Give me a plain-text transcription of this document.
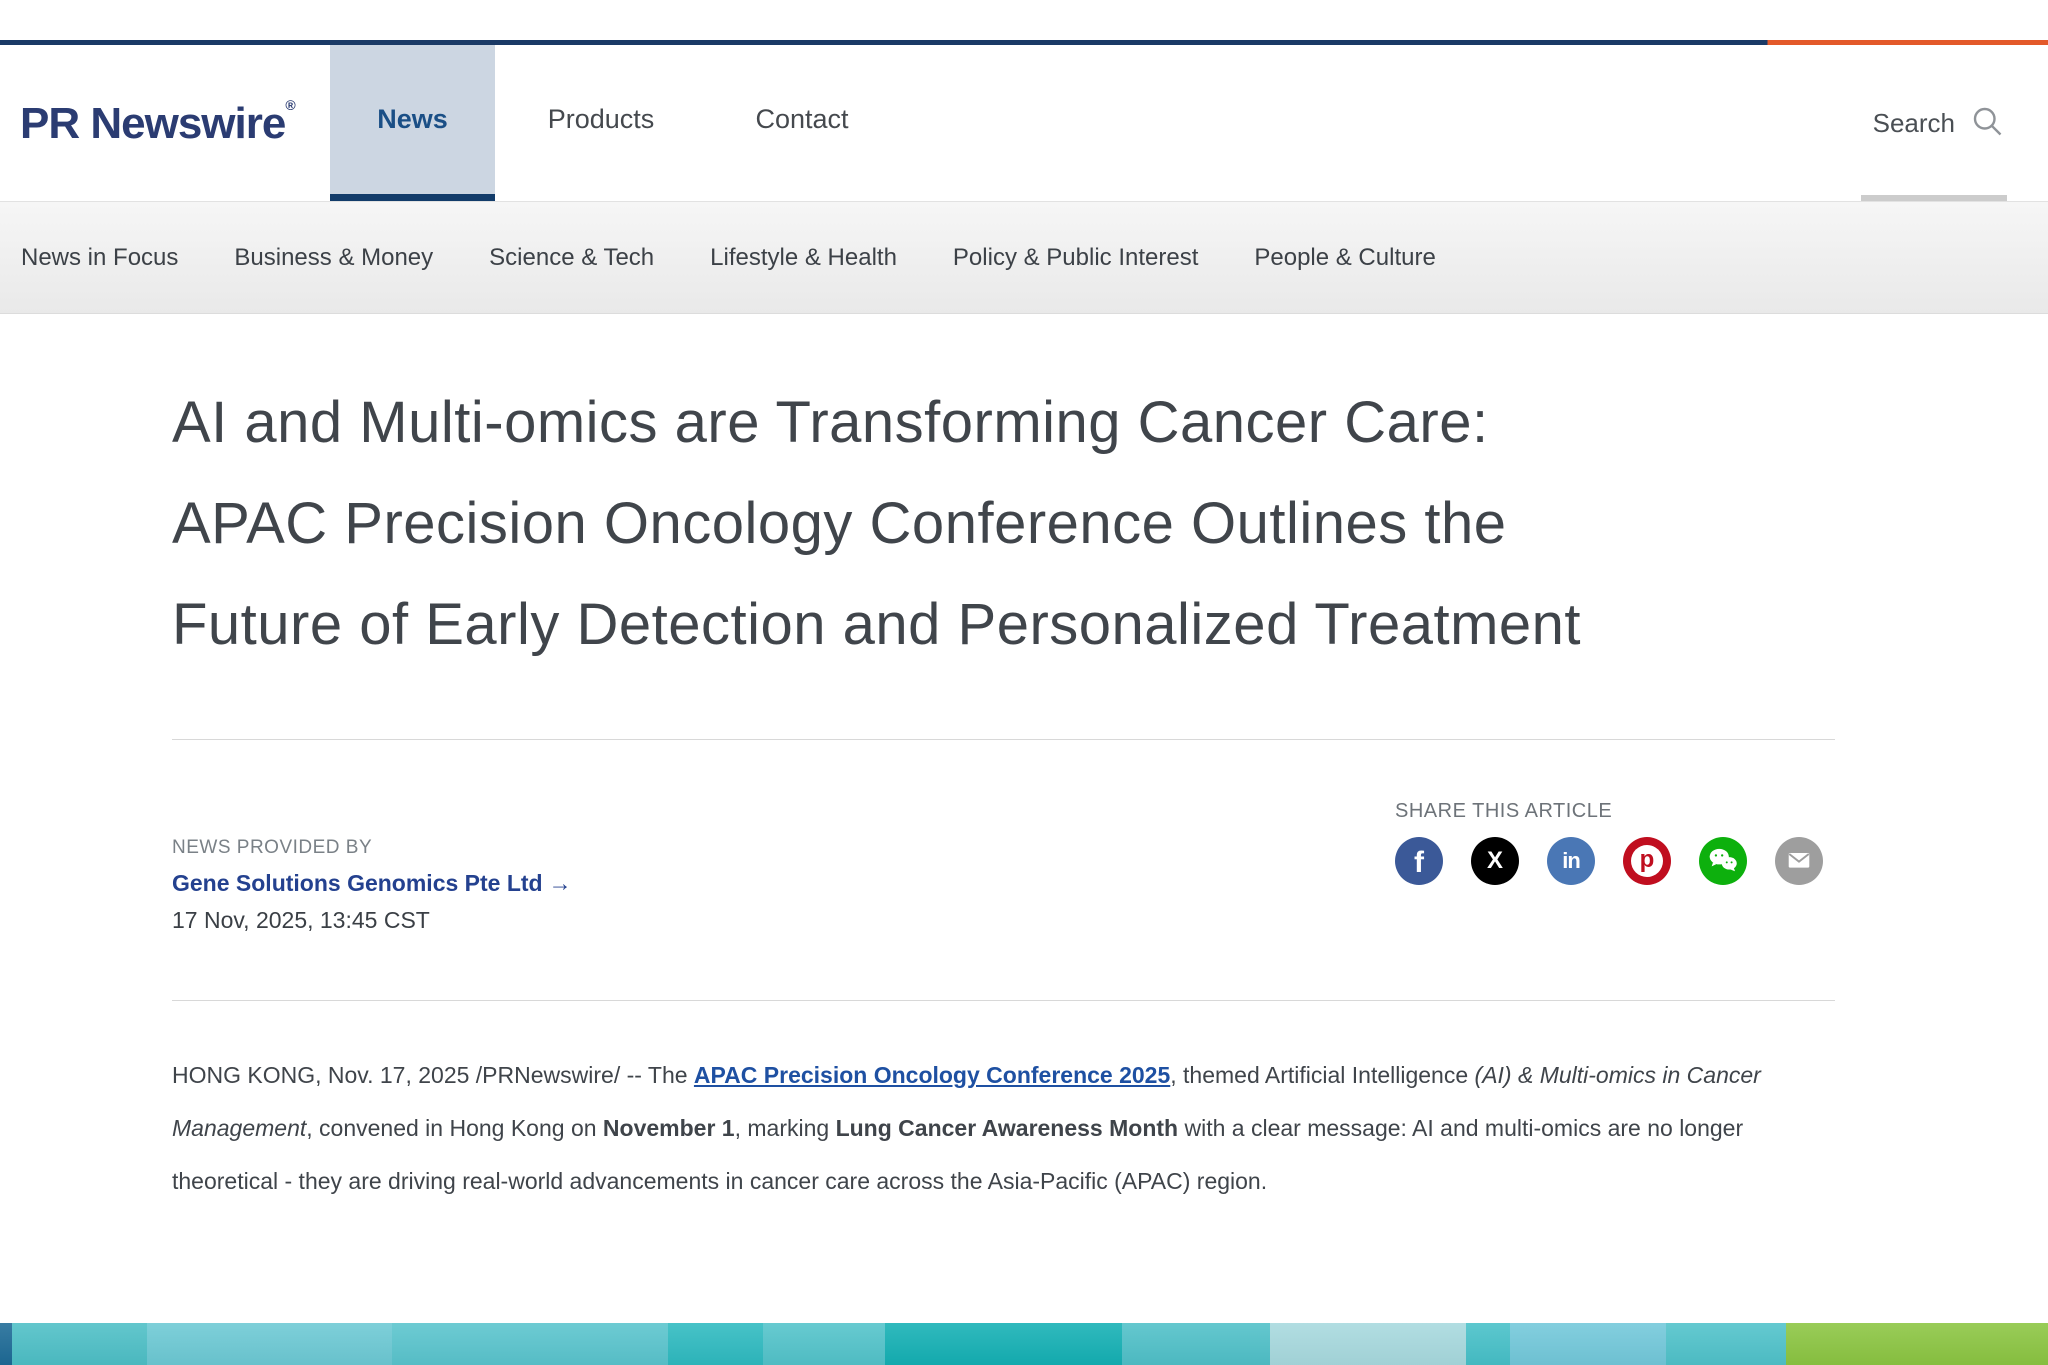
PR Newswire®	News	Products	Contact	Search
News in Focus Business & Money Science & Tech Lifestyle & Health Policy & Public Interest People & Culture
AI and Multi-omics are Transforming Cancer Care:
APAC Precision Oncology Conference Outlines the
Future of Early Detection and Personalized Treatment
NEWS PROVIDED BY
Gene Solutions Genomics Pte Ltd →
17 Nov, 2025, 13:45 CST
SHARE THIS ARTICLE
f	X	in p

HONG KONG, Nov. 17, 2025 /PRNewswire/ -- The APAC Precision Oncology Conference 2025, themed Artificial Intelligence (AI) & Multi-omics in Cancer Management, convened in Hong Kong on November 1, marking Lung Cancer Awareness Month with a clear message: AI and multi-omics are no longer theoretical - they are driving real-world advancements in cancer care across the Asia-Pacific (APAC) region.
